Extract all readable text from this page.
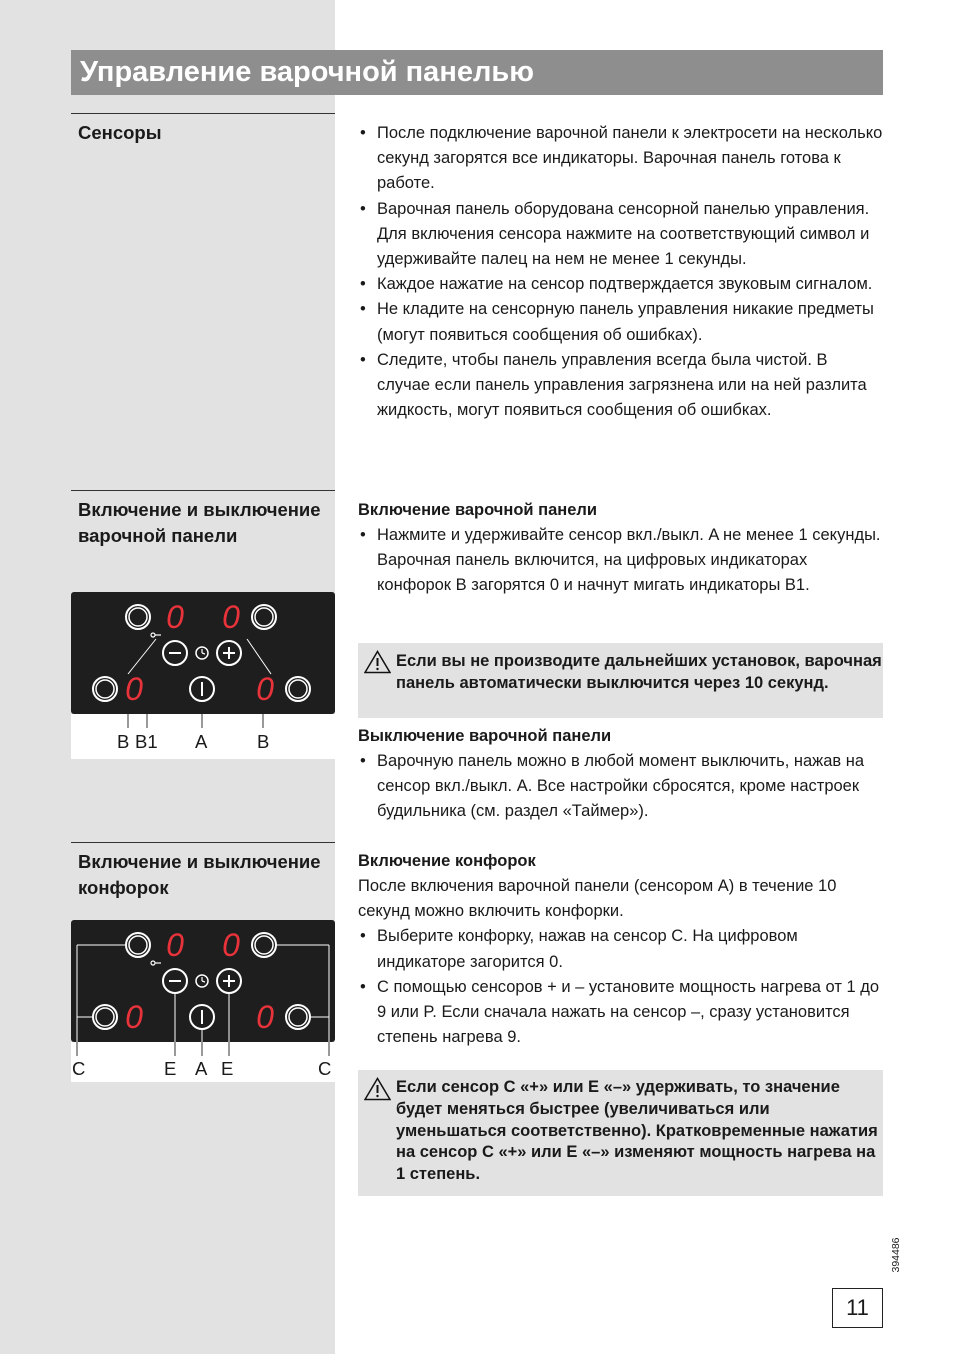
Управление варочной панелью
Сенсоры
•	После подключение варочной панели к электросети на несколько секунд загорятся все индикаторы. Варочная панель готова к работе.
• Варочная панель оборудована сенсорной панелью управления. Для включения сенсора нажмите на соответствующий символ и удерживайте палец на нем не менее 1 секунды.
• Каждое нажатие на сенсор подтверждается звуковым сигналом.
• Не кладите на сенсорную панель управления никакие предметы (могут появиться сообщения об ошибках).
• Следите, чтобы панель управления всегда была чистой. В случае если панель управления загрязнена или на ней разлита жидкость, могут появиться сообщения об ошибках.
Включение и выключение варочной панели
0 0
0	0
B B1 A	B
Включение варочной панели
• Нажмите и удерживайте сенсор вкл./выкл. A не менее 1 секунды. Варочная панель включится, на цифровых индикаторах конфорок B загорятся 0 и начнут мигать индикаторы B1.

Если вы не производите дальнейших установок, варочная панель автоматически выключится через 10 секунд.

Выключение варочной панели
• Варочную панель можно в любой момент выключить, нажав на сенсор вкл./выкл. A. Все настройки сбросятся, кроме настроек будильника (см. раздел «Таймер»).
Включение и выключение конфорок
0 0
0	0
C	E A E	C
Включение конфорок

После включения варочной панели (сенсором A) в течение 10 секунд можно включить конфорки.

• Выберите конфорку, нажав на сенсор C. На цифровом индикаторе загорится 0.
• С помощью сенсоров + и – установите мощность нагрева от 1 до 9 или P. Если сначала нажать на сенсор –, сразу установится степень нагрева 9.

Если сенсор C «+» или E «–» удерживать, то значение будет меняться быстрее (увеличиваться или уменьшаться соответственно). Кратковременные нажатия на сенсор C «+» или E «–» изменяют мощность нагрева на 1 степень.

394486
11
